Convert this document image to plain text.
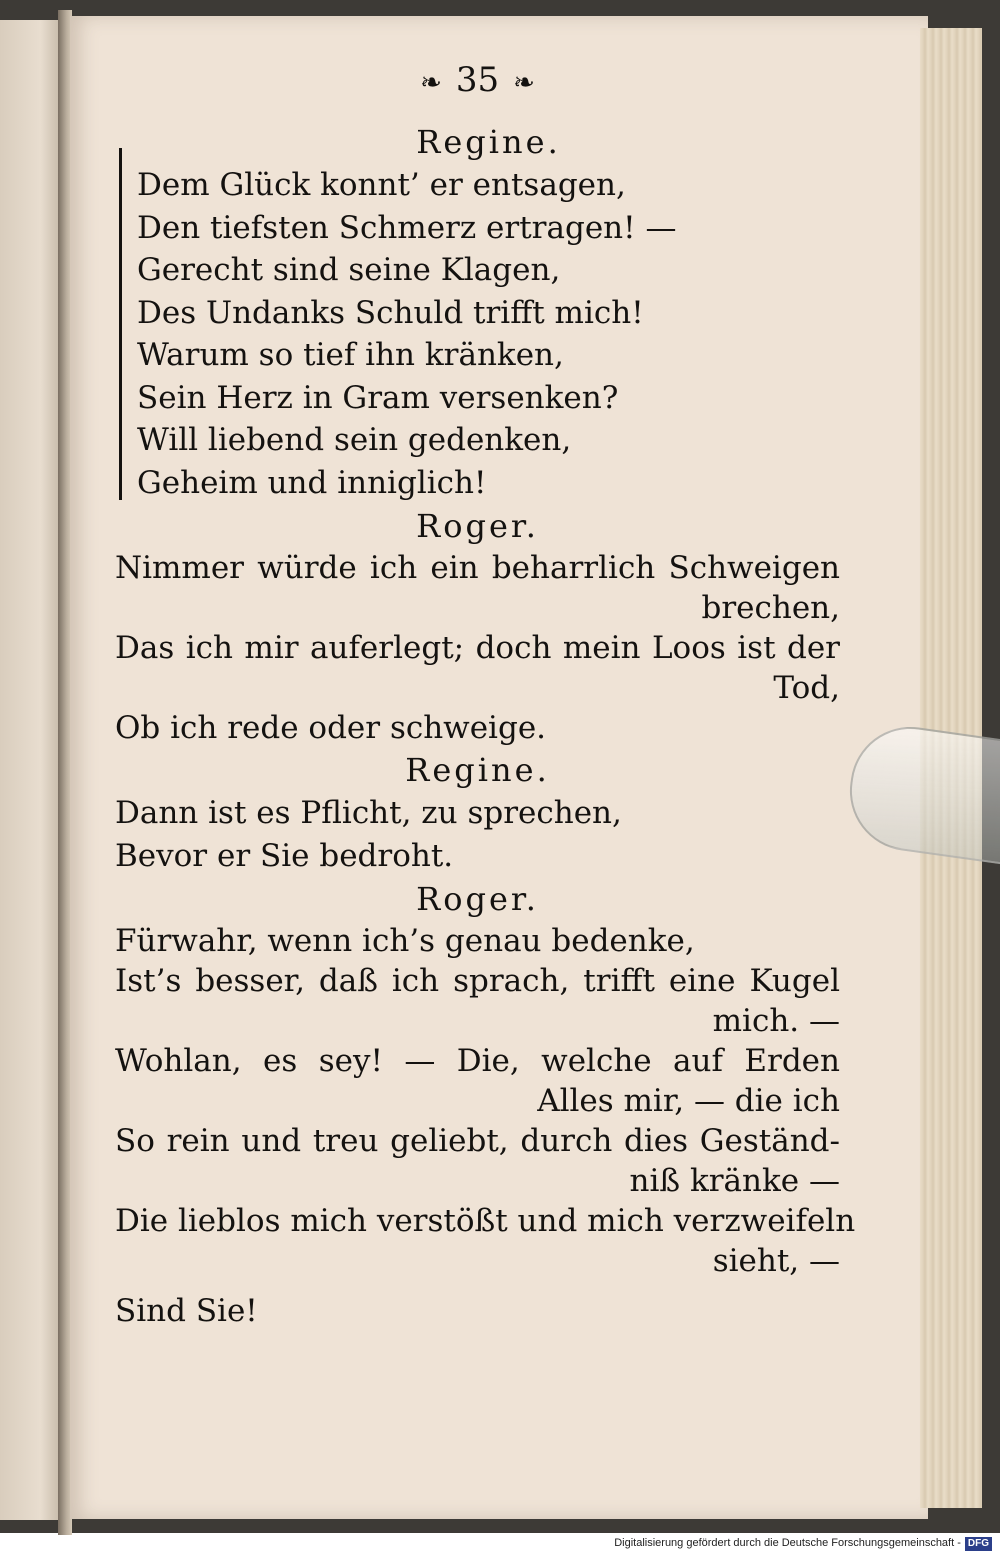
❧ 35 ❧
Regine.
Dem Glück konnt’ er entsagen,
Den tiefsten Schmerz ertragen! —
Gerecht sind seine Klagen,
Des Undanks Schuld trifft mich!
Warum so tief ihn kränken,
Sein Herz in Gram versenken?
Will liebend sein gedenken,
Geheim und inniglich!
Roger.
Nimmer würde ich ein beharrlich Schweigen
brechen,
Das ich mir auferlegt; doch mein Loos ist der
Tod,
Ob ich rede oder schweige.
Regine.
Dann ist es Pflicht, zu sprechen,
Bevor er Sie bedroht.
Roger.
Fürwahr, wenn ich’s genau bedenke,
Ist’s besser, daß ich sprach, trifft eine Kugel
mich. —
Wohlan, es sey! — Die, welche auf Erden
Alles mir, — die ich
So rein und treu geliebt, durch dies Geständ-
niß kränke —
Die lieblos mich verstößt und mich verzweifeln
sieht, —
Sind Sie!
Digitalisierung gefördert durch die Deutsche Forschungsgemeinschaft - DFG
